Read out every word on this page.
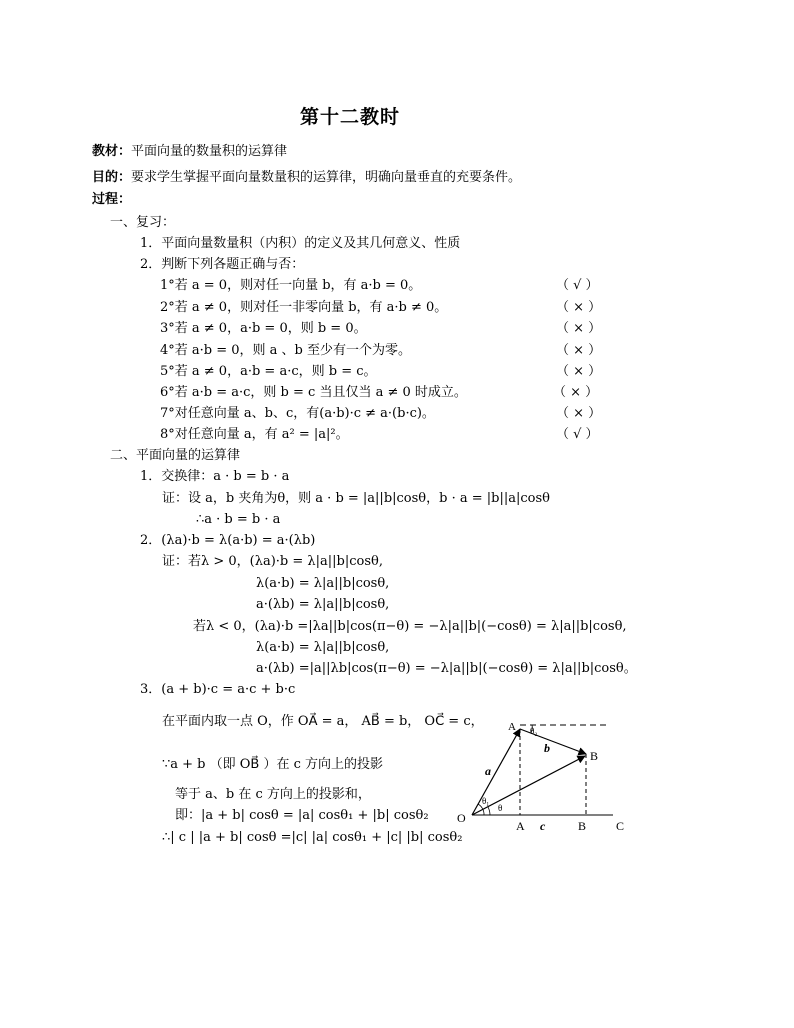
第十二教时
教材：平面向量的数量积的运算律
目的：要求学生掌握平面向量数量积的运算律，明确向量垂直的充要条件。
过程：
一、复习：
1．平面向量数量积（内积）的定义及其几何意义、性质
2．判断下列各题正确与否：
1°若 a = 0，则对任一向量 b，有 a·b = 0。	（ √ ）
2°若 a ≠ 0，则对任一非零向量 b，有 a·b ≠ 0。	（ × ）
3°若 a ≠ 0，a·b = 0，则 b = 0。	（ × ）
4°若 a·b = 0，则 a 、b 至少有一个为零。	（ × ）
5°若 a ≠ 0，a·b = a·c，则 b = c。	（ × ）
6°若 a·b = a·c，则 b = c 当且仅当 a ≠ 0 时成立。	（ × ）
7°对任意向量 a、b、c，有(a·b)·c ≠ a·(b·c)。	（ × ）
8°对任意向量 a，有 a² = |a|²。	（ √ ）
二、平面向量的运算律
1．交换律：a · b = b · a
证：设 a，b 夹角为θ，则 a · b = |a||b|cosθ，b · a = |b||a|cosθ
∴a · b = b · a
2．(λa)·b = λ(a·b) = a·(λb)
证：若λ > 0，(λa)·b = λ|a||b|cosθ,
λ(a·b) = λ|a||b|cosθ,
a·(λb) = λ|a||b|cosθ,
若λ < 0，(λa)·b =|λa||b|cos(π−θ) = −λ|a||b|(−cosθ) = λ|a||b|cosθ,
λ(a·b) = λ|a||b|cosθ,
a·(λb) =|a||λb|cos(π−θ) = −λ|a||b|(−cosθ) = λ|a||b|cosθ。
3．(a + b)·c = a·c + b·c
在平面内取一点 O，作 OA⃗ = a， AB⃗ = b， OC⃗ = c，
∵a + b （即 OB⃗ ）在 c 方向上的投影
等于 a、b 在 c 方向上的投影和，
即：|a + b| cosθ = |a| cosθ₁ + |b| cosθ₂
∴| c | |a + b| cosθ =|c| |a| cosθ₁ + |c| |b| cosθ₂
O
A
B
A	B C
a
b
c
θ₁
θ
θ₂
